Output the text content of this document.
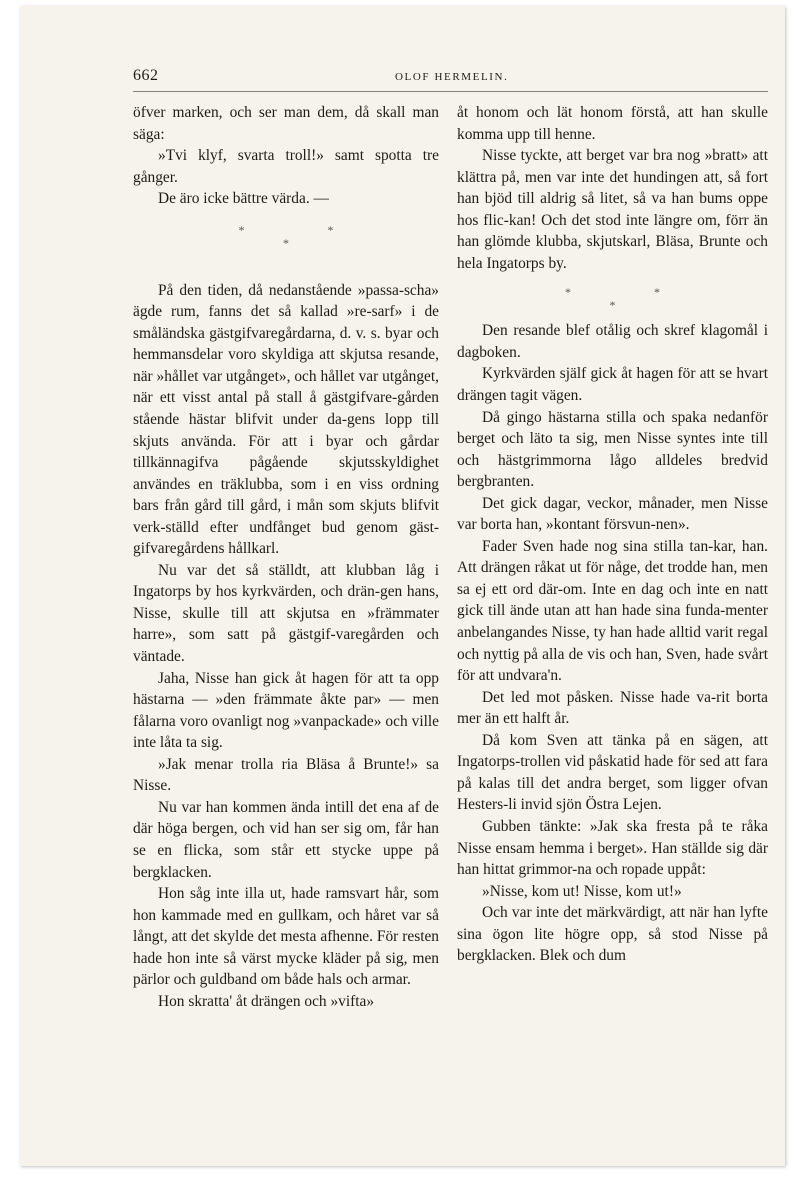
662	OLOF HERMELIN.

öfver marken, och ser man dem, då skall man säga:

»Tvi klyf, svarta troll!» samt spotta tre gånger.

De äro icke bättre värda. —

* *
*

På den tiden, då nedanstående »passa-scha» ägde rum, fanns det så kallad »re-sarf» i de småländska gästgifvaregårdarna, d. v. s. byar och hemmansdelar voro skyldiga att skjutsa resande, när »hållet var utgånget», och hållet var utgånget, när ett visst antal på stall å gästgifvare-gården stående hästar blifvit under da-gens lopp till skjuts använda. För att i byar och gårdar tillkännagifva pågående skjutsskyldighet användes en träklubba, som i en viss ordning bars från gård till gård, i mån som skjuts blifvit verk-ställd efter undfånget bud genom gäst-gifvaregårdens hållkarl.

Nu var det så ställdt, att klubban låg i Ingatorps by hos kyrkvärden, och drän-gen hans, Nisse, skulle till att skjutsa en »främmater harre», som satt på gästgif-varegården och väntade.

Jaha, Nisse han gick åt hagen för att ta opp hästarna — »den främmate åkte par» — men fålarna voro ovanligt nog »vanpackade» och ville inte låta ta sig.

»Jak menar trolla ria Bläsa å Brunte!» sa Nisse.

Nu var han kommen ända intill det ena af de där höga bergen, och vid han ser sig om, får han se en flicka, som står ett stycke uppe på bergklacken.

Hon såg inte illa ut, hade ramsvart hår, som hon kammade med en gullkam, och håret var så långt, att det skylde det mesta afhenne. För resten hade hon inte så värst mycke kläder på sig, men pärlor och guldband om både hals och armar.

Hon skratta' åt drängen och »vifta»

åt honom och lät honom förstå, att han skulle komma upp till henne.

Nisse tyckte, att berget var bra nog »bratt» att klättra på, men var inte det hundingen att, så fort han bjöd till aldrig så litet, så va han bums oppe hos flic-kan! Och det stod inte längre om, förr än han glömde klubba, skjutskarl, Bläsa, Brunte och hela Ingatorps by.

* *
*

Den resande blef otålig och skref klagomål i dagboken.

Kyrkvärden själf gick åt hagen för att se hvart drängen tagit vägen.

Då gingo hästarna stilla och spaka nedanför berget och läto ta sig, men Nisse syntes inte till och hästgrimmorna lågo alldeles bredvid bergbranten.

Det gick dagar, veckor, månader, men Nisse var borta han, »kontant försvun-nen».

Fader Sven hade nog sina stilla tan-kar, han. Att drängen råkat ut för någe, det trodde han, men sa ej ett ord där-om. Inte en dag och inte en natt gick till ände utan att han hade sina funda-menter anbelangandes Nisse, ty han hade alltid varit regal och nyttig på alla de vis och han, Sven, hade svårt för att undvara'n.

Det led mot påsken. Nisse hade va-rit borta mer än ett halft år.

Då kom Sven att tänka på en sägen, att Ingatorps-trollen vid påskatid hade för sed att fara på kalas till det andra berget, som ligger ofvan Hesters-li invid sjön Östra Lejen.

Gubben tänkte: »Jak ska fresta på te råka Nisse ensam hemma i berget». Han ställde sig där han hittat grimmor-na och ropade uppåt:

»Nisse, kom ut! Nisse, kom ut!»

Och var inte det märkvärdigt, att när han lyfte sina ögon lite högre opp, så stod Nisse på bergklacken. Blek och dum
